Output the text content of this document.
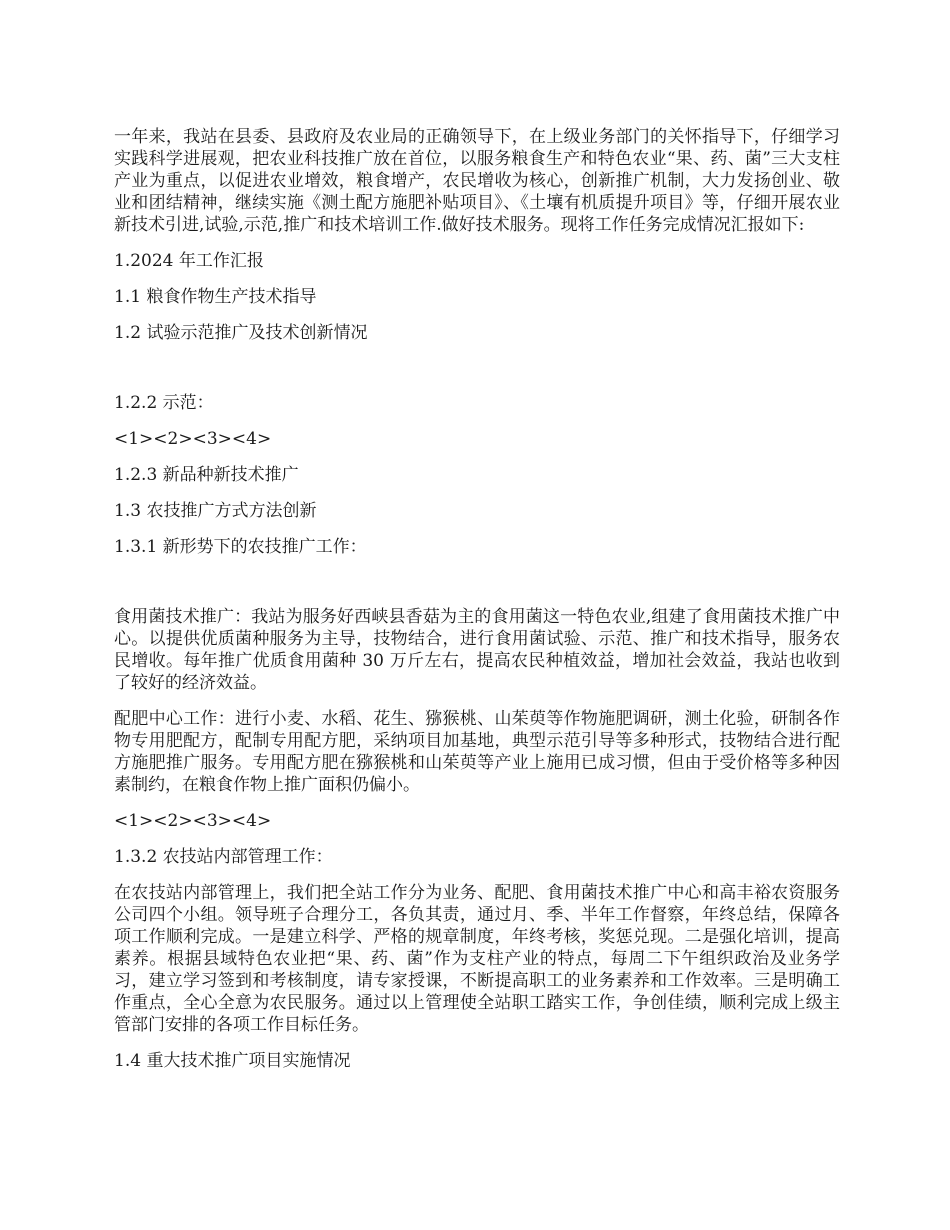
一年来，我站在县委、县政府及农业局的正确领导下，在上级业务部门的关怀指导下，仔细学习实践科学进展观，把农业科技推广放在首位，以服务粮食生产和特色农业“果、药、菌”三大支柱产业为重点，以促进农业增效，粮食增产，农民增收为核心，创新推广机制，大力发扬创业、敬业和团结精神，继续实施《测土配方施肥补贴项目》、《土壤有机质提升项目》等，仔细开展农业新技术引进,试验,示范,推广和技术培训工作.做好技术服务。现将工作任务完成情况汇报如下:

1.2024 年工作汇报

1.1 粮食作物生产技术指导

1.2 试验示范推广及技术创新情况

1.2.2 示范：

<1><2><3><4>

1.2.3 新品种新技术推广

1.3 农技推广方式方法创新

1.3.1 新形势下的农技推广工作：

食用菌技术推广：我站为服务好西峡县香菇为主的食用菌这一特色农业,组建了食用菌技术推广中心。以提供优质菌种服务为主导，技物结合，进行食用菌试验、示范、推广和技术指导，服务农民增收。每年推广优质食用菌种 30 万斤左右，提高农民种植效益，增加社会效益，我站也收到了较好的经济效益。

配肥中心工作：进行小麦、水稻、花生、猕猴桃、山茱萸等作物施肥调研，测土化验，研制各作物专用肥配方，配制专用配方肥，采纳项目加基地，典型示范引导等多种形式，技物结合进行配方施肥推广服务。专用配方肥在猕猴桃和山茱萸等产业上施用已成习惯，但由于受价格等多种因素制约，在粮食作物上推广面积仍偏小。

<1><2><3><4>

1.3.2 农技站内部管理工作：

在农技站内部管理上，我们把全站工作分为业务、配肥、食用菌技术推广中心和高丰裕农资服务公司四个小组。领导班子合理分工，各负其责，通过月、季、半年工作督察，年终总结，保障各项工作顺利完成。一是建立科学、严格的规章制度，年终考核，奖惩兑现。二是强化培训，提高素养。根据县域特色农业把“果、药、菌”作为支柱产业的特点，每周二下午组织政治及业务学习，建立学习签到和考核制度，请专家授课，不断提高职工的业务素养和工作效率。三是明确工作重点，全心全意为农民服务。通过以上管理使全站职工踏实工作，争创佳绩，顺利完成上级主管部门安排的各项工作目标任务。

1.4 重大技术推广项目实施情况
